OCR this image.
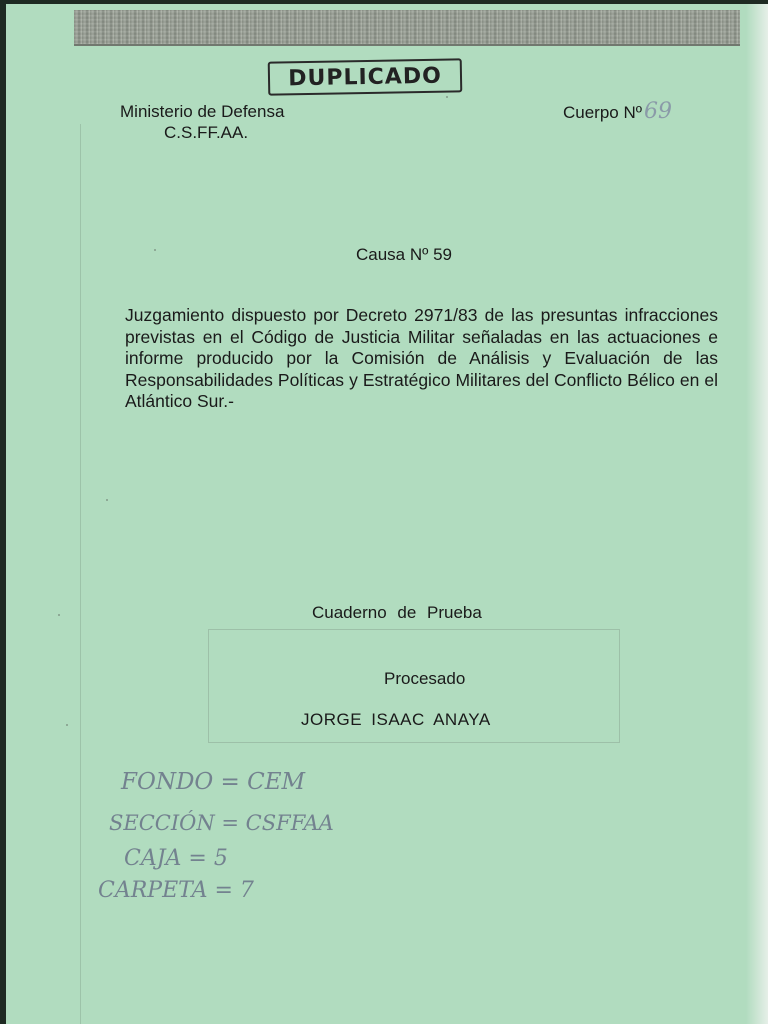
DUPLICADO
Ministerio de Defensa
C.S.FF.AA.
Cuerpo Nº69
Causa Nº 59
Juzgamiento dispuesto por Decreto 2971/83 de las presuntas infracciones previstas en el Código de Justicia Militar señaladas en las actuaciones e informe producido por la Comisión de Análisis y Evaluación de las Responsabilidades Políticas y Estratégico Militares del Conflicto Bélico en el Atlántico Sur.-
Cuaderno de Prueba
Procesado
JORGE ISAAC ANAYA
FONDO = CEM
SECCIÓN = CSFFAA
CAJA = 5
CARPETA = 7
